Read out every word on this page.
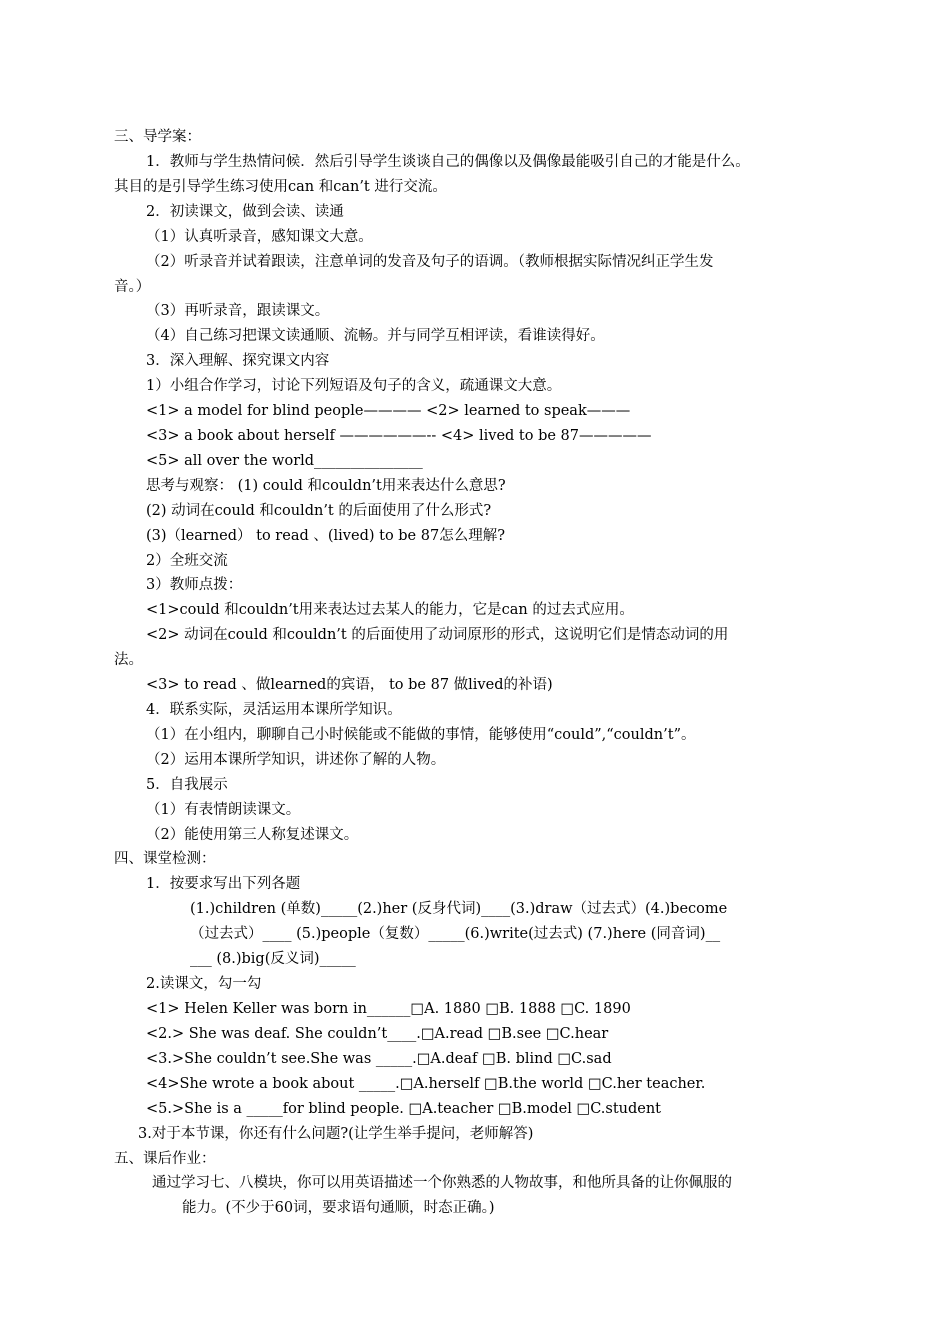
三、导学案：
1．教师与学生热情问候．然后引导学生谈谈自己的偶像以及偶像最能吸引自己的才能是什么。
其目的是引导学生练习使用can 和can’t 进行交流。
2．初读课文，做到会读、读通
（1）认真听录音，感知课文大意。
（2）听录音并试着跟读，注意单词的发音及句子的语调。（教师根据实际情况纠正学生发
音。）
（3）再听录音，跟读课文。
（4）自己练习把课文读通顺、流畅。并与同学互相评读，看谁读得好。
3．深入理解、探究课文内容
1）小组合作学习，讨论下列短语及句子的含义，疏通课文大意。
<1> a model for blind people———— <2> learned to speak———
<3> a book about herself ——————-- <4> lived to be 87—————
<5> all over the world_______________
思考与观察： (1) could 和couldn’t用来表达什么意思?
(2) 动词在could 和couldn’t 的后面使用了什么形式?
(3)（learned） to read 、(lived) to be 87怎么理解?
2）全班交流
3）教师点拨：
<1>could 和couldn’t用来表达过去某人的能力，它是can 的过去式应用。
<2> 动词在could 和couldn’t 的后面使用了动词原形的形式，这说明它们是情态动词的用
法。
<3> to read 、做learned的宾语， to be 87 做lived的补语)
4．联系实际，灵活运用本课所学知识。
（1）在小组内，聊聊自己小时候能或不能做的事情，能够使用“could”,“couldn’t”。
（2）运用本课所学知识，讲述你了解的人物。
5．自我展示
（1）有表情朗读课文。
（2）能使用第三人称复述课文。
四、课堂检测：
1．按要求写出下列各题
(1.)children (单数)_____(2.)her (反身代词)____(3.)draw（过去式）(4.)become
（过去式）____ (5.)people（复数）_____(6.)write(过去式) (7.)here (同音词)__
___ (8.)big(反义词)_____
2.读课文，勾一勾
<1> Helen Keller was born in______□A. 1880 □B. 1888 □C. 1890
<2.> She was deaf. She couldn’t____.□A.read □B.see □C.hear
<3.>She couldn’t see.She was _____.□A.deaf □B. blind □C.sad
<4>She wrote a book about _____.□A.herself □B.the world □C.her teacher.
<5.>She is a _____for blind people. □A.teacher □B.model □C.student
3.对于本节课，你还有什么问题?(让学生举手提问，老师解答)
五、课后作业：
通过学习七、八模块，你可以用英语描述一个你熟悉的人物故事，和他所具备的让你佩服的
能力。(不少于60词，要求语句通顺，时态正确。)
